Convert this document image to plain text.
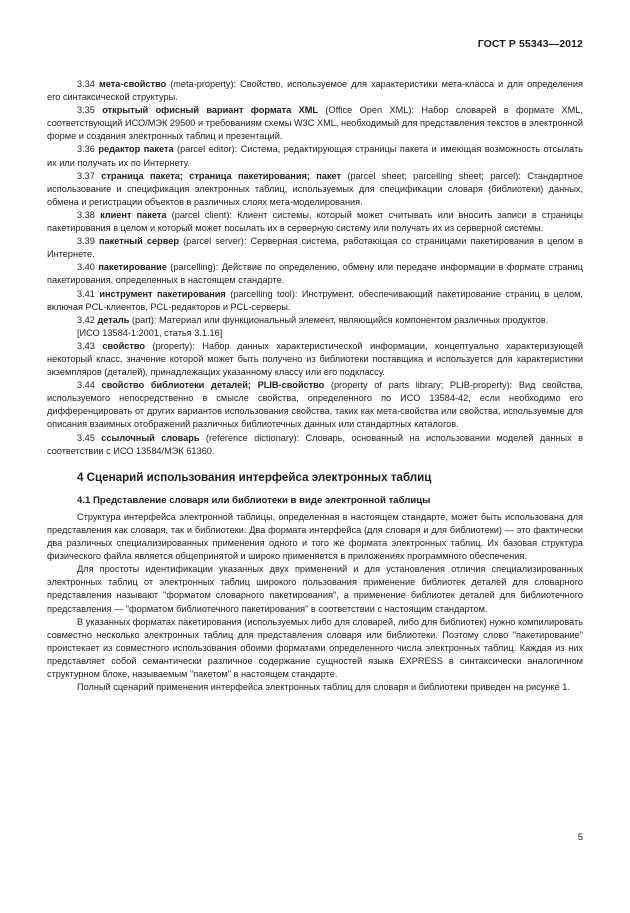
ГОСТ Р 55343—2012

3.34 мета-свойство (meta-property): Свойство, используемое для характеристики мета-класса и для определения его синтаксической структуры.

3.35 открытый офисный вариант формата XML (Office Open XML): Набор словарей в формате XML, соответствующий ИСО/МЭК 29500 и требованиям схемы W3C XML, необходимый для представления текстов в электронной форме и создания электронных таблиц и презентаций.

3.36 редактор пакета (parcel editor): Система, редактирующая страницы пакета и имеющая возможность отсылать их или получать их по Интернету.

3.37 страница пакета; страница пакетирования; пакет (parcel sheet; parcelling sheet; parcel): Стандартное использование и спецификация электронных таблиц, используемых для спецификации словаря (библиотеки) данных, обмена и регистрации объектов в различных слоях мета-моделирования.

3.38 клиент пакета (parcel client): Клиент системы, который может считывать или вносить записи в страницы пакетирования в целом и который может посылать их в серверную систему или получать их из серверной системы.

3.39 пакетный сервер (parcel server): Серверная система, работающая со страницами пакетирования в целом в Интернете.

3.40 пакетирование (parcelling): Действие по определению, обмену или передаче информации в формате страниц пакетирования, определенных в настоящем стандарте.

3.41 инструмент пакетирования (parcelling tool): Инструмент, обеспечивающий пакетирование страниц в целом, включая PCL-клиентов, PCL-редакторов и PCL-серверы.

3.42 деталь (part): Материал или функциональный элемент, являющийся компонентом различных продуктов.

[ИСО 13584-1:2001, статья 3.1.16]

3.43 свойство (property): Набор данных характеристической информации, концептуально характеризующей некоторый класс, значение которой может быть получено из библиотеки поставщика и используется для характеристики экземпляров (деталей), принадлежащих указанному классу или его подклассу.

3.44 свойство библиотеки деталей; PLIB-свойство (property of parts library; PLIB-property): Вид свойства, используемого непосредственно в смысле свойства, определенного по ИСО 13584-42, если необходимо его дифференцировать от других вариантов использования свойства, таких как мета-свойства или свойства, используемые для описания взаимных отображений различных библиотечных данных или стандартных каталогов.

3.45 ссылочный словарь (reference dictionary): Словарь, основанный на использовании моделей данных в соответствии с ИСО 13584/МЭК 61360.

4 Сценарий использования интерфейса электронных таблиц
4.1 Представление словаря или библиотеки в виде электронной таблицы

Структура интерфейса электронной таблицы, определенная в настоящем стандарте, может быть использована для представления как словаря, так и библиотеки. Два формата интерфейса (для словаря и для библиотеки) — это фактически два различных специализированных применения одного и того же формата электронных таблиц. Их базовая структура физического файла является общепринятой и широко применяется в приложениях программного обеспечения.

Для простоты идентификации указанных двух применений и для установления отличия специализированных электронных таблиц от электронных таблиц широкого пользования применение библиотек деталей для словарного представления называют "форматом словарного пакетирования", а применение библиотек деталей для библиотечного представления — "форматом библиотечного пакетирования" в соответствии с настоящим стандартом.

В указанных форматах пакетирования (используемых либо для словарей, либо для библиотек) нужно компилировать совместно несколько электронных таблиц для представления словаря или библиотеки. Поэтому слово "пакетирование" проистекает из совместного использования обоими форматами определенного числа электронных таблиц. Каждая из них представляет собой семантически различное содержание сущностей языка EXPRESS в синтаксически аналогичном структурном блоке, называемым "пакетом" в настоящем стандарте.

Полный сценарий применения интерфейса электронных таблиц для словаря и библиотеки приведен на рисунке 1.

5
